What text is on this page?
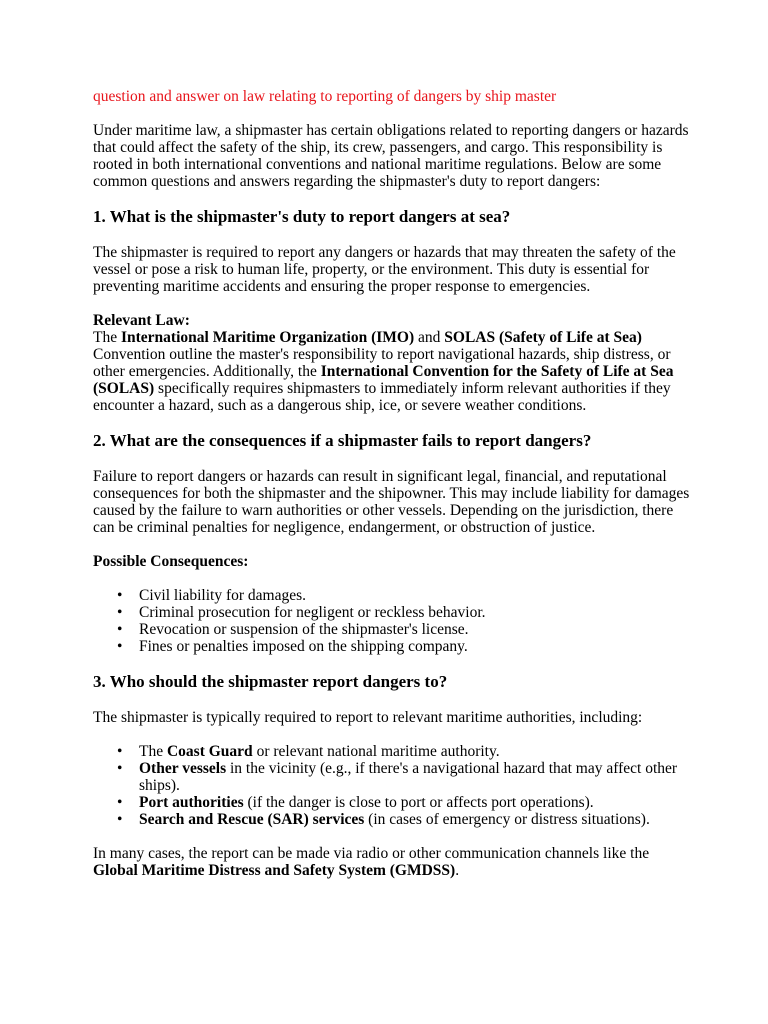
question and answer on law relating to reporting of dangers by ship master

Under maritime law, a shipmaster has certain obligations related to reporting dangers or hazards that could affect the safety of the ship, its crew, passengers, and cargo. This responsibility is rooted in both international conventions and national maritime regulations. Below are some common questions and answers regarding the shipmaster's duty to report dangers:

1. What is the shipmaster's duty to report dangers at sea?

The shipmaster is required to report any dangers or hazards that may threaten the safety of the vessel or pose a risk to human life, property, or the environment. This duty is essential for preventing maritime accidents and ensuring the proper response to emergencies.

Relevant Law:
The International Maritime Organization (IMO) and SOLAS (Safety of Life at Sea) Convention outline the master's responsibility to report navigational hazards, ship distress, or other emergencies. Additionally, the International Convention for the Safety of Life at Sea (SOLAS) specifically requires shipmasters to immediately inform relevant authorities if they encounter a hazard, such as a dangerous ship, ice, or severe weather conditions.

2. What are the consequences if a shipmaster fails to report dangers?

Failure to report dangers or hazards can result in significant legal, financial, and reputational consequences for both the shipmaster and the shipowner. This may include liability for damages caused by the failure to warn authorities or other vessels. Depending on the jurisdiction, there can be criminal penalties for negligence, endangerment, or obstruction of justice.

Possible Consequences:

• Civil liability for damages.
• Criminal prosecution for negligent or reckless behavior.
• Revocation or suspension of the shipmaster's license.
• Fines or penalties imposed on the shipping company.
3. Who should the shipmaster report dangers to?

The shipmaster is typically required to report to relevant maritime authorities, including:

• The Coast Guard or relevant national maritime authority.
• Other vessels in the vicinity (e.g., if there's a navigational hazard that may affect other ships).
• Port authorities (if the danger is close to port or affects port operations).
• Search and Rescue (SAR) services (in cases of emergency or distress situations).

In many cases, the report can be made via radio or other communication channels like the Global Maritime Distress and Safety System (GMDSS).
